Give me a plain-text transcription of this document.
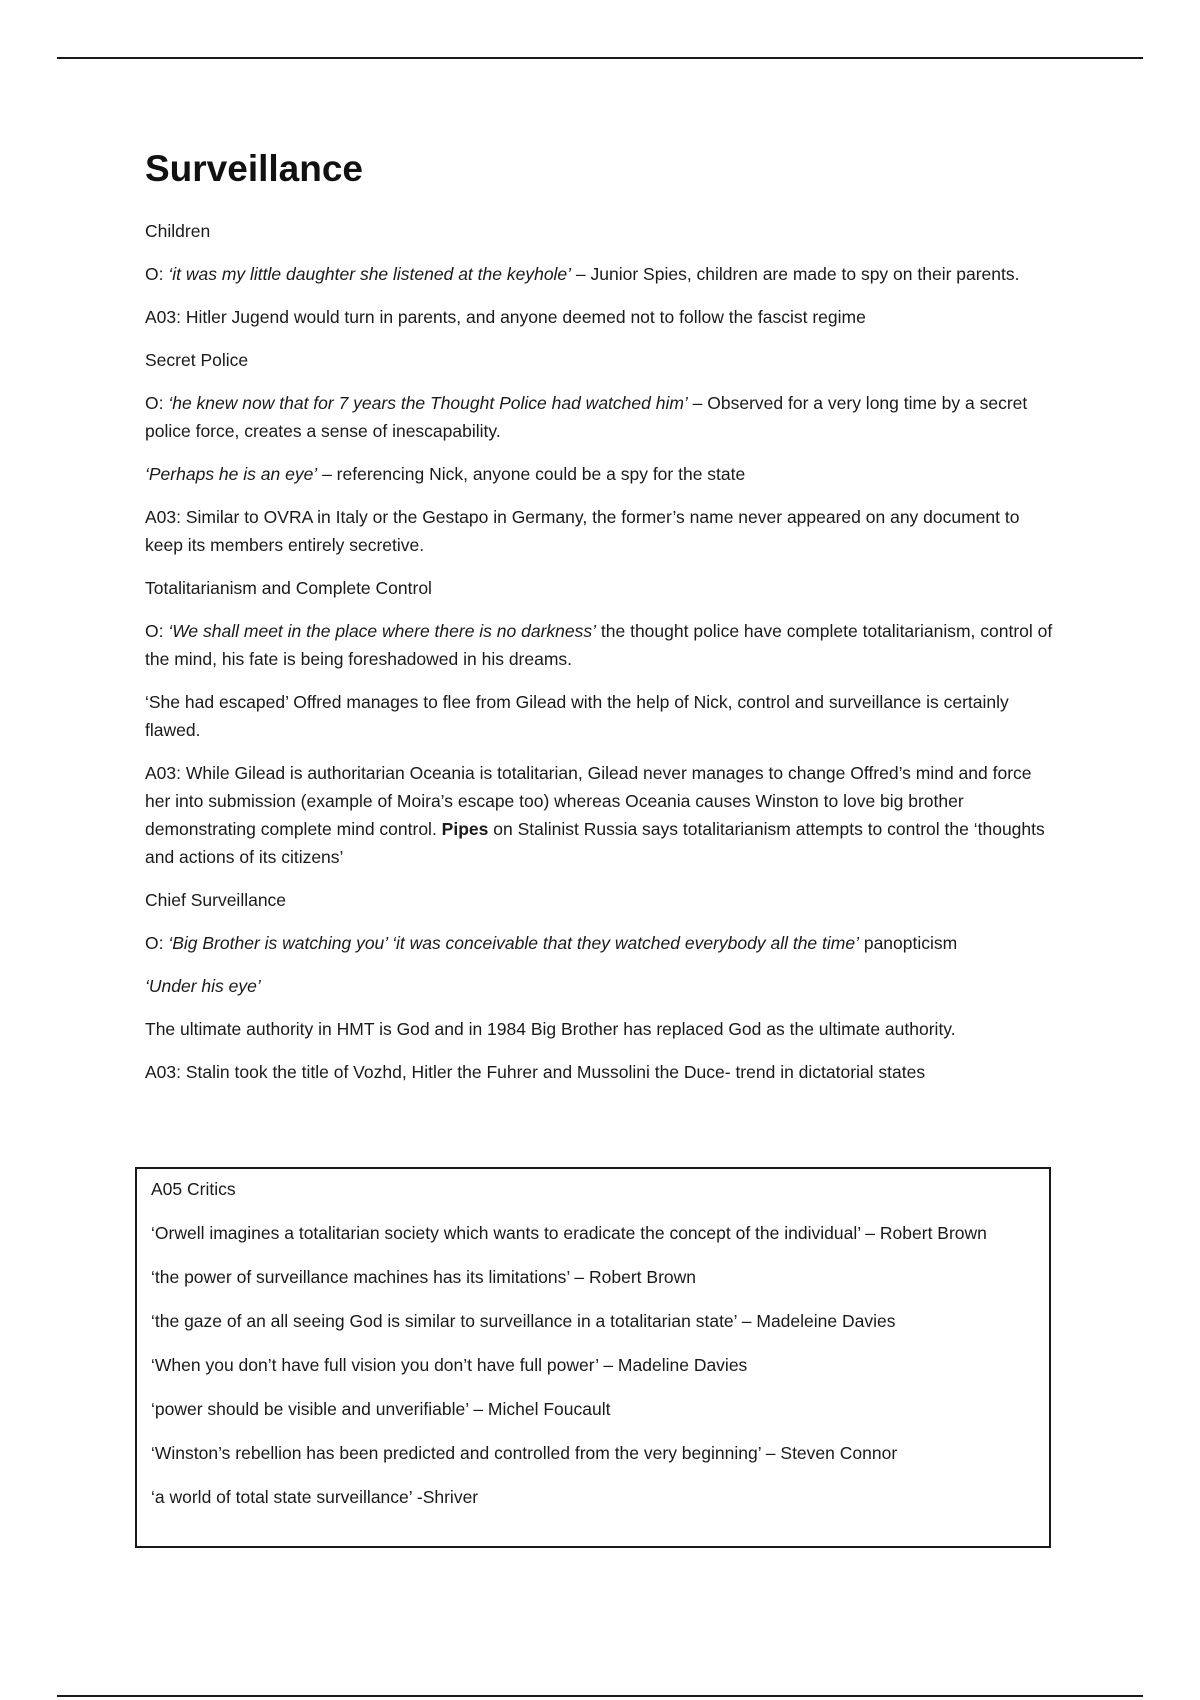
Surveillance

Children

O: ‘it was my little daughter she listened at the keyhole’ – Junior Spies, children are made to spy on their parents.

A03: Hitler Jugend would turn in parents, and anyone deemed not to follow the fascist regime

Secret Police

O: ‘he knew now that for 7 years the Thought Police had watched him’ – Observed for a very long time by a secret police force, creates a sense of inescapability.

‘Perhaps he is an eye’ – referencing Nick, anyone could be a spy for the state

A03: Similar to OVRA in Italy or the Gestapo in Germany, the former’s name never appeared on any document to keep its members entirely secretive.

Totalitarianism and Complete Control

O: ‘We shall meet in the place where there is no darkness’ the thought police have complete totalitarianism, control of the mind, his fate is being foreshadowed in his dreams.

‘She had escaped’ Offred manages to flee from Gilead with the help of Nick, control and surveillance is certainly flawed.

A03: While Gilead is authoritarian Oceania is totalitarian, Gilead never manages to change Offred’s mind and force her into submission (example of Moira’s escape too) whereas Oceania causes Winston to love big brother demonstrating complete mind control. Pipes on Stalinist Russia says totalitarianism attempts to control the ‘thoughts and actions of its citizens’

Chief Surveillance

O: ‘Big Brother is watching you’ ‘it was conceivable that they watched everybody all the time’ panopticism

‘Under his eye’

The ultimate authority in HMT is God and in 1984 Big Brother has replaced God as the ultimate authority.

A03: Stalin took the title of Vozhd, Hitler the Fuhrer and Mussolini the Duce- trend in dictatorial states

A05 Critics

‘Orwell imagines a totalitarian society which wants to eradicate the concept of the individual’ – Robert Brown

‘the power of surveillance machines has its limitations’ – Robert Brown

‘the gaze of an all seeing God is similar to surveillance in a totalitarian state’ – Madeleine Davies

‘When you don’t have full vision you don’t have full power’ – Madeline Davies

‘power should be visible and unverifiable’ – Michel Foucault

‘Winston’s rebellion has been predicted and controlled from the very beginning’ – Steven Connor

‘a world of total state surveillance’ -Shriver
